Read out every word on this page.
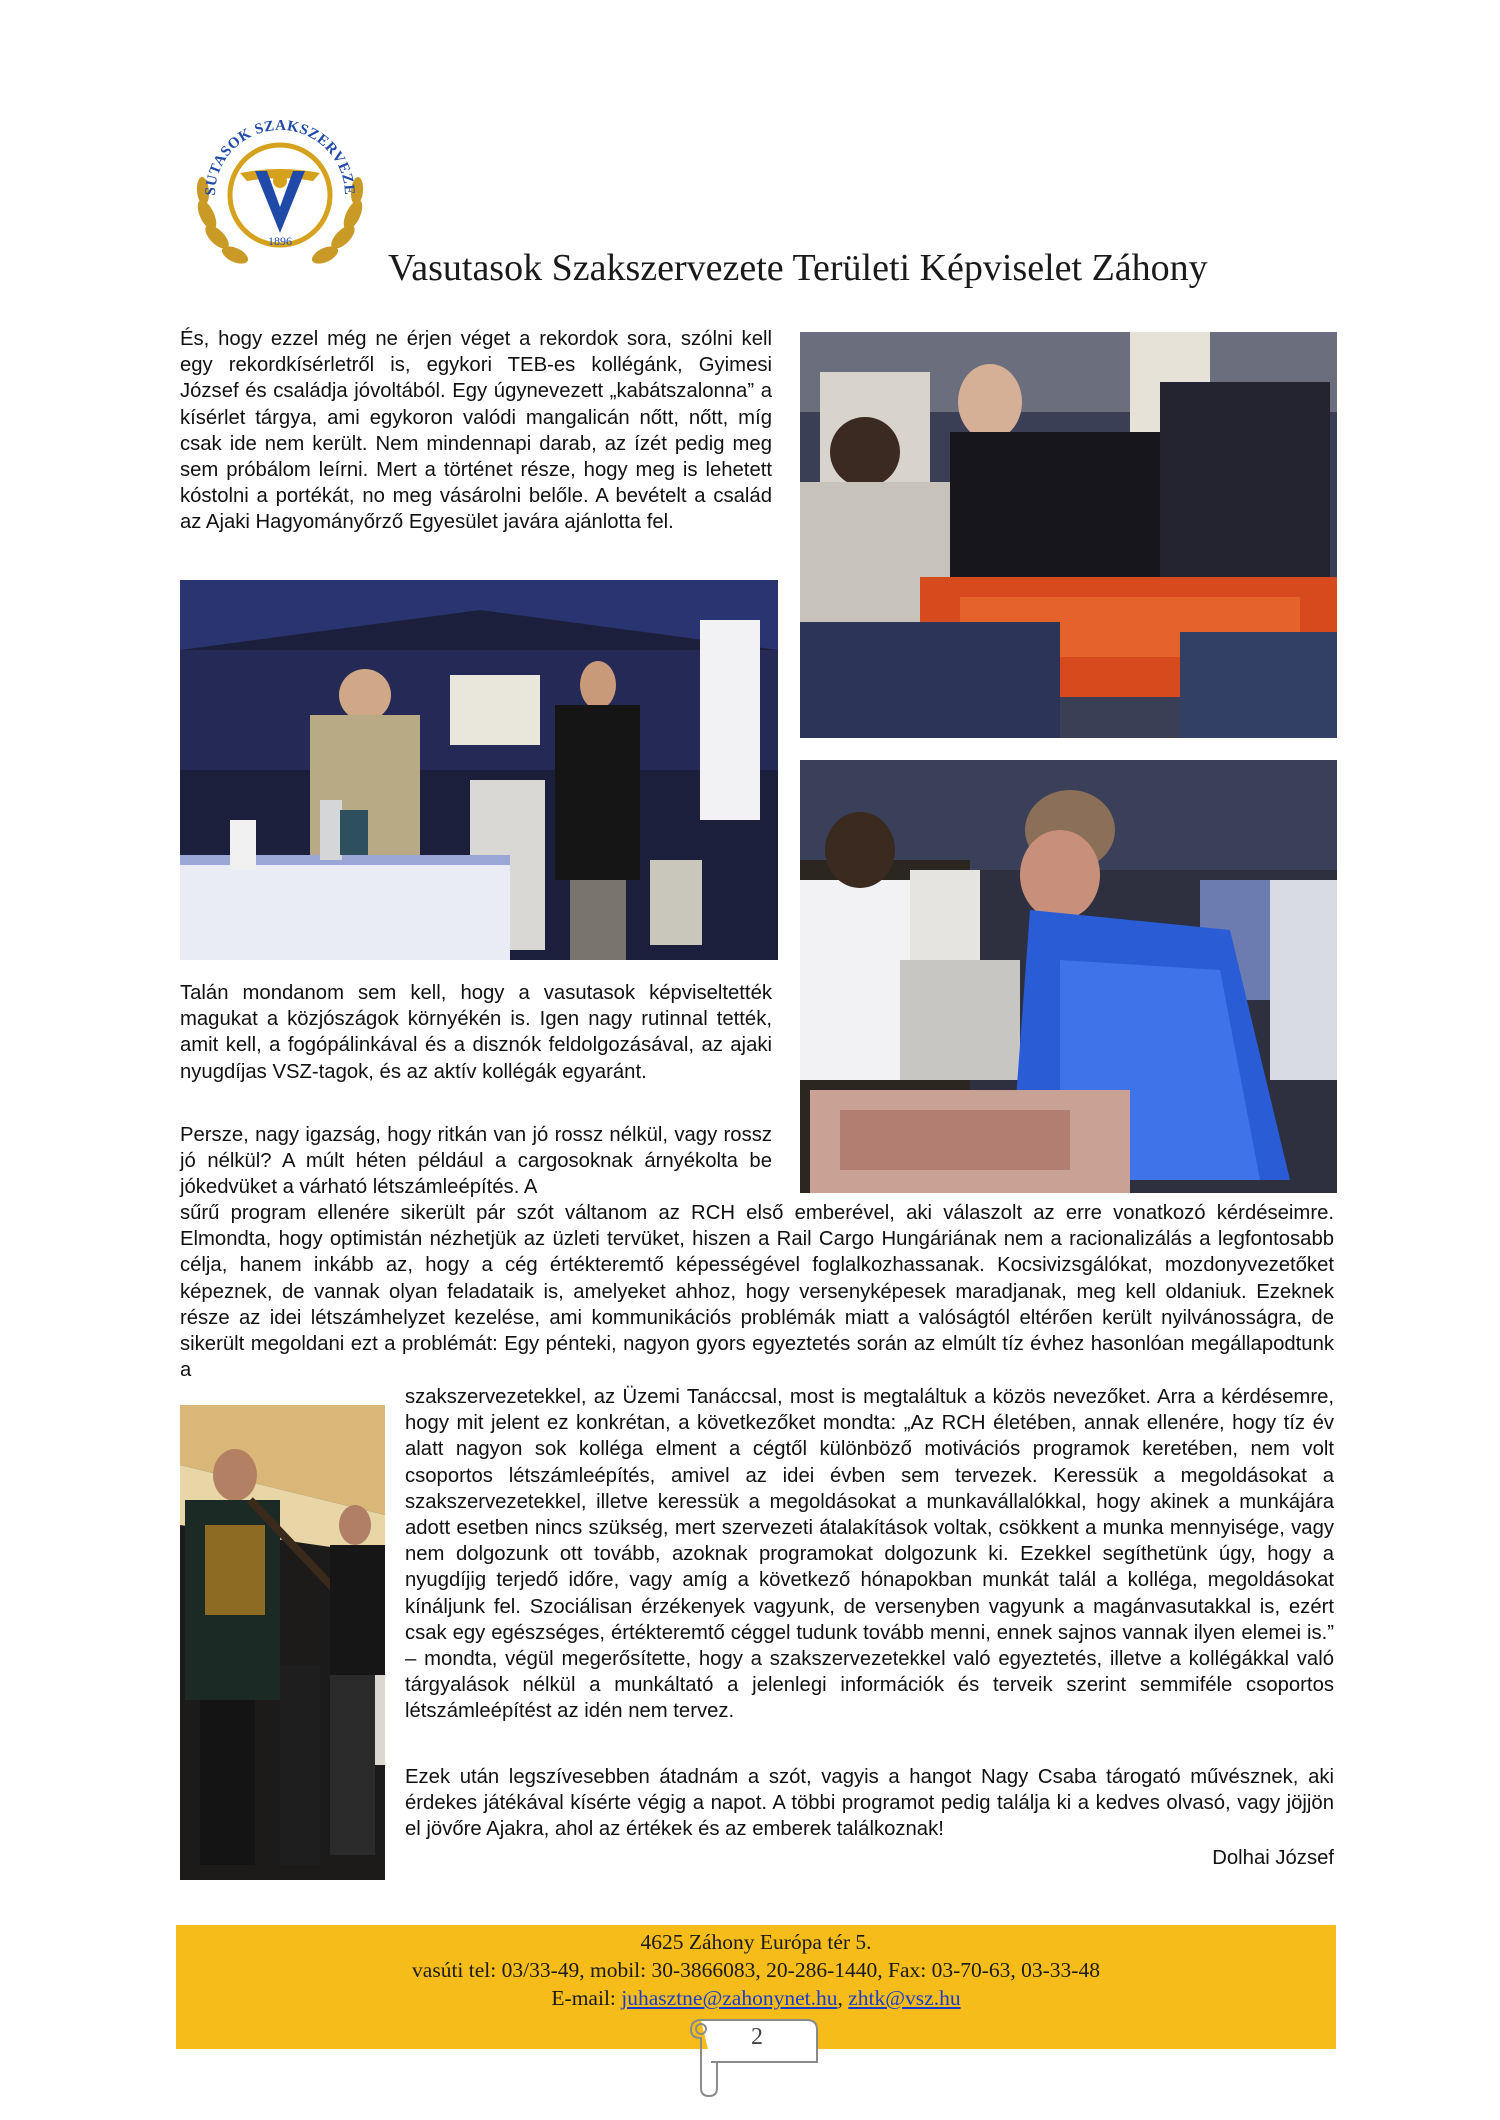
SUTASOK SZAKSZERVEZE
1896
Vasutasok Szakszervezete Területi Képviselet Záhony

És, hogy ezzel még ne érjen véget a rekordok sora, szólni kell egy rekordkísérletről is, egykori TEB-es kollégánk, Gyimesi József és családja jóvoltából. Egy úgynevezett „kabátszalonna” a kísérlet tárgya, ami egykoron valódi mangalicán nőtt, nőtt, míg csak ide nem került. Nem mindennapi darab, az ízét pedig meg sem próbálom leírni. Mert a történet része, hogy meg is lehetett kóstolni a portékát, no meg vásárolni belőle. A bevételt a család az Ajaki Hagyományőrző Egyesület javára ajánlotta fel.

Talán mondanom sem kell, hogy a vasutasok képviseltették magukat a közjószágok környékén is. Igen nagy rutinnal tették, amit kell, a fogópálinkával és a disznók feldolgozásával, az ajaki nyugdíjas VSZ-tagok, és az aktív kollégák egyaránt.

Persze, nagy igazság, hogy ritkán van jó rossz nélkül, vagy rossz jó nélkül? A múlt héten például a cargosoknak árnyékolta be jókedvüket a várható létszámleépítés. A

sűrű program ellenére sikerült pár szót váltanom az RCH első emberével, aki válaszolt az erre vonatkozó kérdéseimre. Elmondta, hogy optimistán nézhetjük az üzleti tervüket, hiszen a Rail Cargo Hungáriának nem a racionalizálás a legfontosabb célja, hanem inkább az, hogy a cég értékteremtő képességével foglalkozhassanak. Kocsivizsgálókat, mozdonyvezetőket képeznek, de vannak olyan feladataik is, amelyeket ahhoz, hogy versenyképesek maradjanak, meg kell oldaniuk. Ezeknek része az idei létszámhelyzet kezelése, ami kommunikációs problémák miatt a valóságtól eltérően került nyilvánosságra, de sikerült megoldani ezt a problémát: Egy pénteki, nagyon gyors egyeztetés során az elmúlt tíz évhez hasonlóan megállapodtunk a

szakszervezetekkel, az Üzemi Tanáccsal, most is megtaláltuk a közös nevezőket. Arra a kérdésemre, hogy mit jelent ez konkrétan, a következőket mondta: „Az RCH életében, annak ellenére, hogy tíz év alatt nagyon sok kolléga elment a cégtől különböző motivációs programok keretében, nem volt csoportos létszámleépítés, amivel az idei évben sem tervezek. Keressük a megoldásokat a szakszervezetekkel, illetve keressük a megoldásokat a munkavállalókkal, hogy akinek a munkájára adott esetben nincs szükség, mert szervezeti átalakítások voltak, csökkent a munka mennyisége, vagy nem dolgozunk ott tovább, azoknak programokat dolgozunk ki. Ezekkel segíthetünk úgy, hogy a nyugdíjig terjedő időre, vagy amíg a következő hónapokban munkát talál a kolléga, megoldásokat kínáljunk fel. Szociálisan érzékenyek vagyunk, de versenyben vagyunk a magánvasutakkal is, ezért csak egy egészséges, értékteremtő céggel tudunk tovább menni, ennek sajnos vannak ilyen elemei is.” – mondta, végül megerősítette, hogy a szakszervezetekkel való egyeztetés, illetve a kollégákkal való tárgyalások nélkül a munkáltató a jelenlegi információk és terveik szerint semmiféle csoportos létszámleépítést az idén nem tervez.

Ezek után legszívesebben átadnám a szót, vagyis a hangot Nagy Csaba tárogató művésznek, aki érdekes játékával kísérte végig a napot. A többi programot pedig találja ki a kedves olvasó, vagy jöjjön el jövőre Ajakra, ahol az értékek és az emberek találkoznak!

Dolhai József
4625 Záhony Európa tér 5.
vasúti tel: 03/33-49, mobil: 30-3866083, 20-286-1440, Fax: 03-70-63, 03-33-48
E-mail: juhasztne@zahonynet.hu, zhtk@vsz.hu
2
